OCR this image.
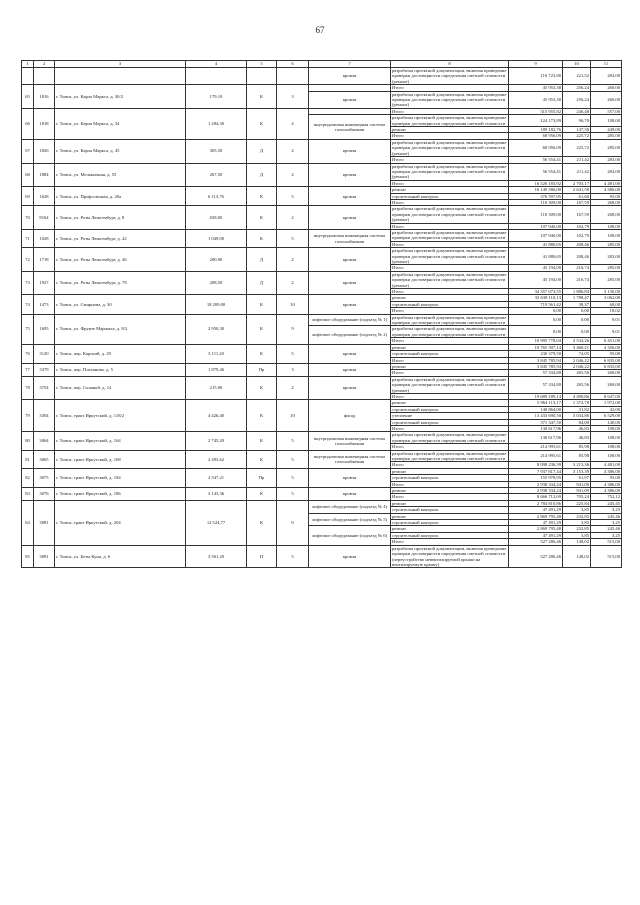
67
1	2	3	4	5	6	7	8	9	10	11
						кровля	разработка проектной документации, включая проведение проверки достоверности определения сметной стоимости (ремонт)	116 723,80	221,52	283,00
65	1816	г. Томск, ул. Карла Маркса, д. 30/2	179,10	К	3		Итого	45 953,38	256,24	260,00
						кровля	разработка проектной документации, включая проведение проверки достоверности определения сметной стоимости (ремонт)	45 953,38	256,24	260,00
66	1818	г. Томск, ул. Карла Маркса, д. 34	1 284,30	К	4		Итого	315 955,82	246,48	557,00
						внутридомовая инженерная система газоснабжения	разработка проектной документации, включая проведение проверки достоверности определения сметной стоимости	124 173,89	96,70	108,00
							ремонт	189 182,76	147,30	449,00
							Итого	68 956,09	225,72	285,00
67	1826	г. Томск, ул. Карла Маркса, д. 45	305,50	Д	2	кровля	разработка проектной документации, включая проведение проверки достоверности определения сметной стоимости (ремонт)	68 956,09	225,72	285,00
							Итого	56 554,41	211,42	283,00
68	1884	г. Томск, ул. Мельничная, д. 55	267,50	Д	2	кровля	разработка проектной документации, включая проведение проверки достоверности определения сметной стоимости (ремонт)	56 554,41	211,42	283,00
							Итого	16 526 183,92	2 703,17	4 481,00
69	1628	г. Томск, ул. Профсоюзная, д. 20а	6 113,76	К	5	кровля	ремонт	16 149 586,00	2 641,58	4 386,00
							строительный контроль	376 597,95	61,60	95,00
							Итого	110 309,00	167,59	268,00
70	8164	г. Томск, ул. Розы Люксембург, д. 8	658,00	К	2	кровля	разработка проектной документации, включая проведение проверки достоверности определения сметной стоимости (ремонт)	110 309,00	167,59	268,00
							Итого	107 940,00	102,79	108,00
71	1028	г. Томск, ул. Розы Люксембург, д. 42	1 049,00	К	5	внутридомовая инженерная система газоснабжения	разработка проектной документации, включая проведение проверки достоверности определения сметной стоимости	107 940,00	102,79	108,00
							Итого	41 880,65	208,46	285,00
72	1718	г. Томск, ул. Розы Люксембург, д. 46	200,90	Д	2	кровля	разработка проектной документации, включая проведение проверки достоверности определения сметной стоимости (ремонт)	41 880,65	208,46	283,00
							Итого	45 194,00	216,74	285,00
73	1927	г. Томск, ул. Розы Люксембург, д. 78	208,50	Д	2	кровля	разработка проектной документации, включая проведение проверки достоверности определения сметной стоимости (ремонт)	45 194,00	216,74	285,00
							Итого	34 357 673,55	1 886,84	3 130,00
74	1473	г. Томск, ул. Смирнова, д. 30	18 209,00	К	10	кровля	ремонт	33 638 110,13	1 788,47	3 062,00
							строительный контроль	719 561,42	38,37	68,00
							Итого	0,00	0,00	18,02
75	1695	г. Томск, ул. Фрунзе Маршала, д. 8/2	2 950,30	К	9	лифтовое оборудование (подъезд № 1)	разработка проектной документации, включая проведение проверки достоверности определения сметной стоимости	0,00	0,00	9,01
						лифтовое оборудование (подъезд № 2)	разработка проектной документации, включая проведение проверки достоверности определения сметной стоимости	0,00	0,00	9,01
							Итого	10 995 778,04	3 534,26	6 451,00
76	3120	г. Томск, пер. Карский, д. 29	3 111,20	К	5	кровля	ремонт	10 765 397,14	3 460,21	4 356,00
							строительный контроль	230 379,50	74,05	95,00
							Итого	3 845 785,94	2 046,22	6 835,00
77	3379	г. Томск, пер. Плеханова, д. 5	1 879,46	Пр	3	кровля	ремонт	3 845 785,94	2 046,22	6 835,00
							Итого	57 334,80	265,56	268,00
78	3754	г. Томск, пер. Соляной, д. 14	215,90	К	2	кровля	разработка проектной документации, включая проведение проверки достоверности определения сметной стоимости (ремонт)	57 334,80	265,56	268,00
							Итого	19 689 189,14	4 490,86	8 647,00
79	3304	г. Томск, тракт Иркутский, д. 118/2	4 426,40	К	10	фасад	ремонт	5 964 113,17	1 374,78	1 972,00
							строительный контроль	140 864,00	31,82	42,00
							утепление	13 433 690,50	3 034,86	6 529,00
							строительный контроль	371 347,50	84,00	140,00
							Итого	130 617,96	46,83	108,00
80	3064	г. Томск, тракт Иркутский, д. 164	2 745,20	К	5	внутридомовая инженерная система газоснабжения	разработка проектной документации, включая проведение проверки достоверности определения сметной стоимости	130 617,96	46,83	108,00
							Итого	214 995,61	85,98	108,00
81	3065	г. Томск, тракт Иркутский, д. 168	2 493,62	К	5	внутридомовая инженерная система газоснабжения	разработка проектной документации, включая проведение проверки достоверности определения сметной стоимости	214 995,61	85,98	108,00
							Итого	8 098 236,39	3 213,36	4 481,00
82	3075	г. Томск, тракт Иркутский, д. 184	2 547,21	Пр	5	кровля	ремонт	7 937 817,44	3 153,39	4 386,00
							строительный контроль	155 978,95	61,97	95,00
							Итого	2 938 334,24	941,09	4 386,00
83	3076	г. Томск, тракт Иркутский, д. 186	3 143,36	К	5	кровля	ремонт	2 938 334,24	941,09	4 386,00
							Итого	8 666 712,69	705,24	752,12
84	3081	г. Томск, тракт Иркутский, д. 204	12 524,77	К	9	лифтовое оборудование (подъезд № 4)	ремонт	2 784 810,86	225,84	245,45
							строительный контроль	47 491,29	3,85	3,25
						лифтовое оборудование (подъезд № 5)	ремонт	2 869 795,48	232,85	245,46
							строительный контроль	47 491,29	3,85	3,25
						лифтовое оборудование (подъезд № 6)	ремонт	2 869 795,48	232,85	245,46
							строительный контроль	47 491,29	3,85	3,25
							Итого	527 286,46	148,02	515,00
85	3081	г. Томск, ул. Беты Куна, д. 6	3 561,20	П	5	кровля	разработка проектной документации, включая проведение проверки достоверности определения сметной стоимости (переустройство невентилируемой крыши на вентилируемую крышу)	527 286,46	148,02	515,00
